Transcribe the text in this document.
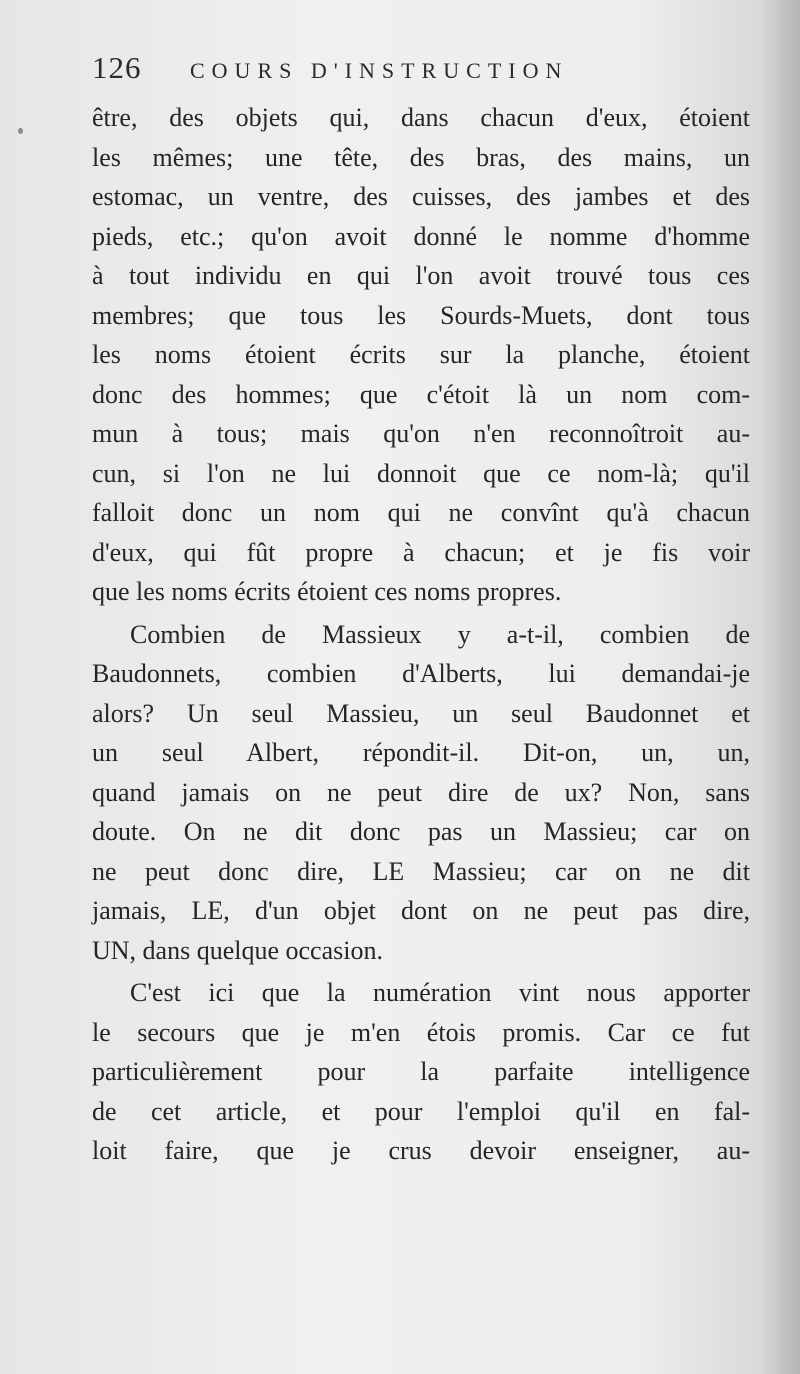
126 COURS D'INSTRUCTION
être, des objets qui, dans chacun d'eux, étoient
les mêmes; une tête, des bras, des mains, un
estomac, un ventre, des cuisses, des jambes et des
pieds, etc.; qu'on avoit donné le nomme d'homme
à tout individu en qui l'on avoit trouvé tous ces
membres; que tous les Sourds-Muets, dont tous
les noms étoient écrits sur la planche, étoient
donc des hommes; que c'étoit là un nom com-
mun à tous; mais qu'on n'en reconnoîtroit au-
cun, si l'on ne lui donnoit que ce nom-là; qu'il
falloit donc un nom qui ne convînt qu'à chacun
d'eux, qui fût propre à chacun; et je fis voir
que les noms écrits étoient ces noms propres.
Combien de Massieux y a-t-il, combien de
Baudonnets, combien d'Alberts, lui demandai-je
alors? Un seul Massieu, un seul Baudonnet et
un seul Albert, répondit-il. Dit-on, un, un,
quand jamais on ne peut dire de ux? Non, sans
doute. On ne dit donc pas un Massieu; car on
ne peut donc dire, LE Massieu; car on ne dit
jamais, LE, d'un objet dont on ne peut pas dire,
UN, dans quelque occasion.
C'est ici que la numération vint nous apporter
le secours que je m'en étois promis. Car ce fut
particulièrement pour la parfaite intelligence
de cet article, et pour l'emploi qu'il en fal-
loit faire, que je crus devoir enseigner, au-
